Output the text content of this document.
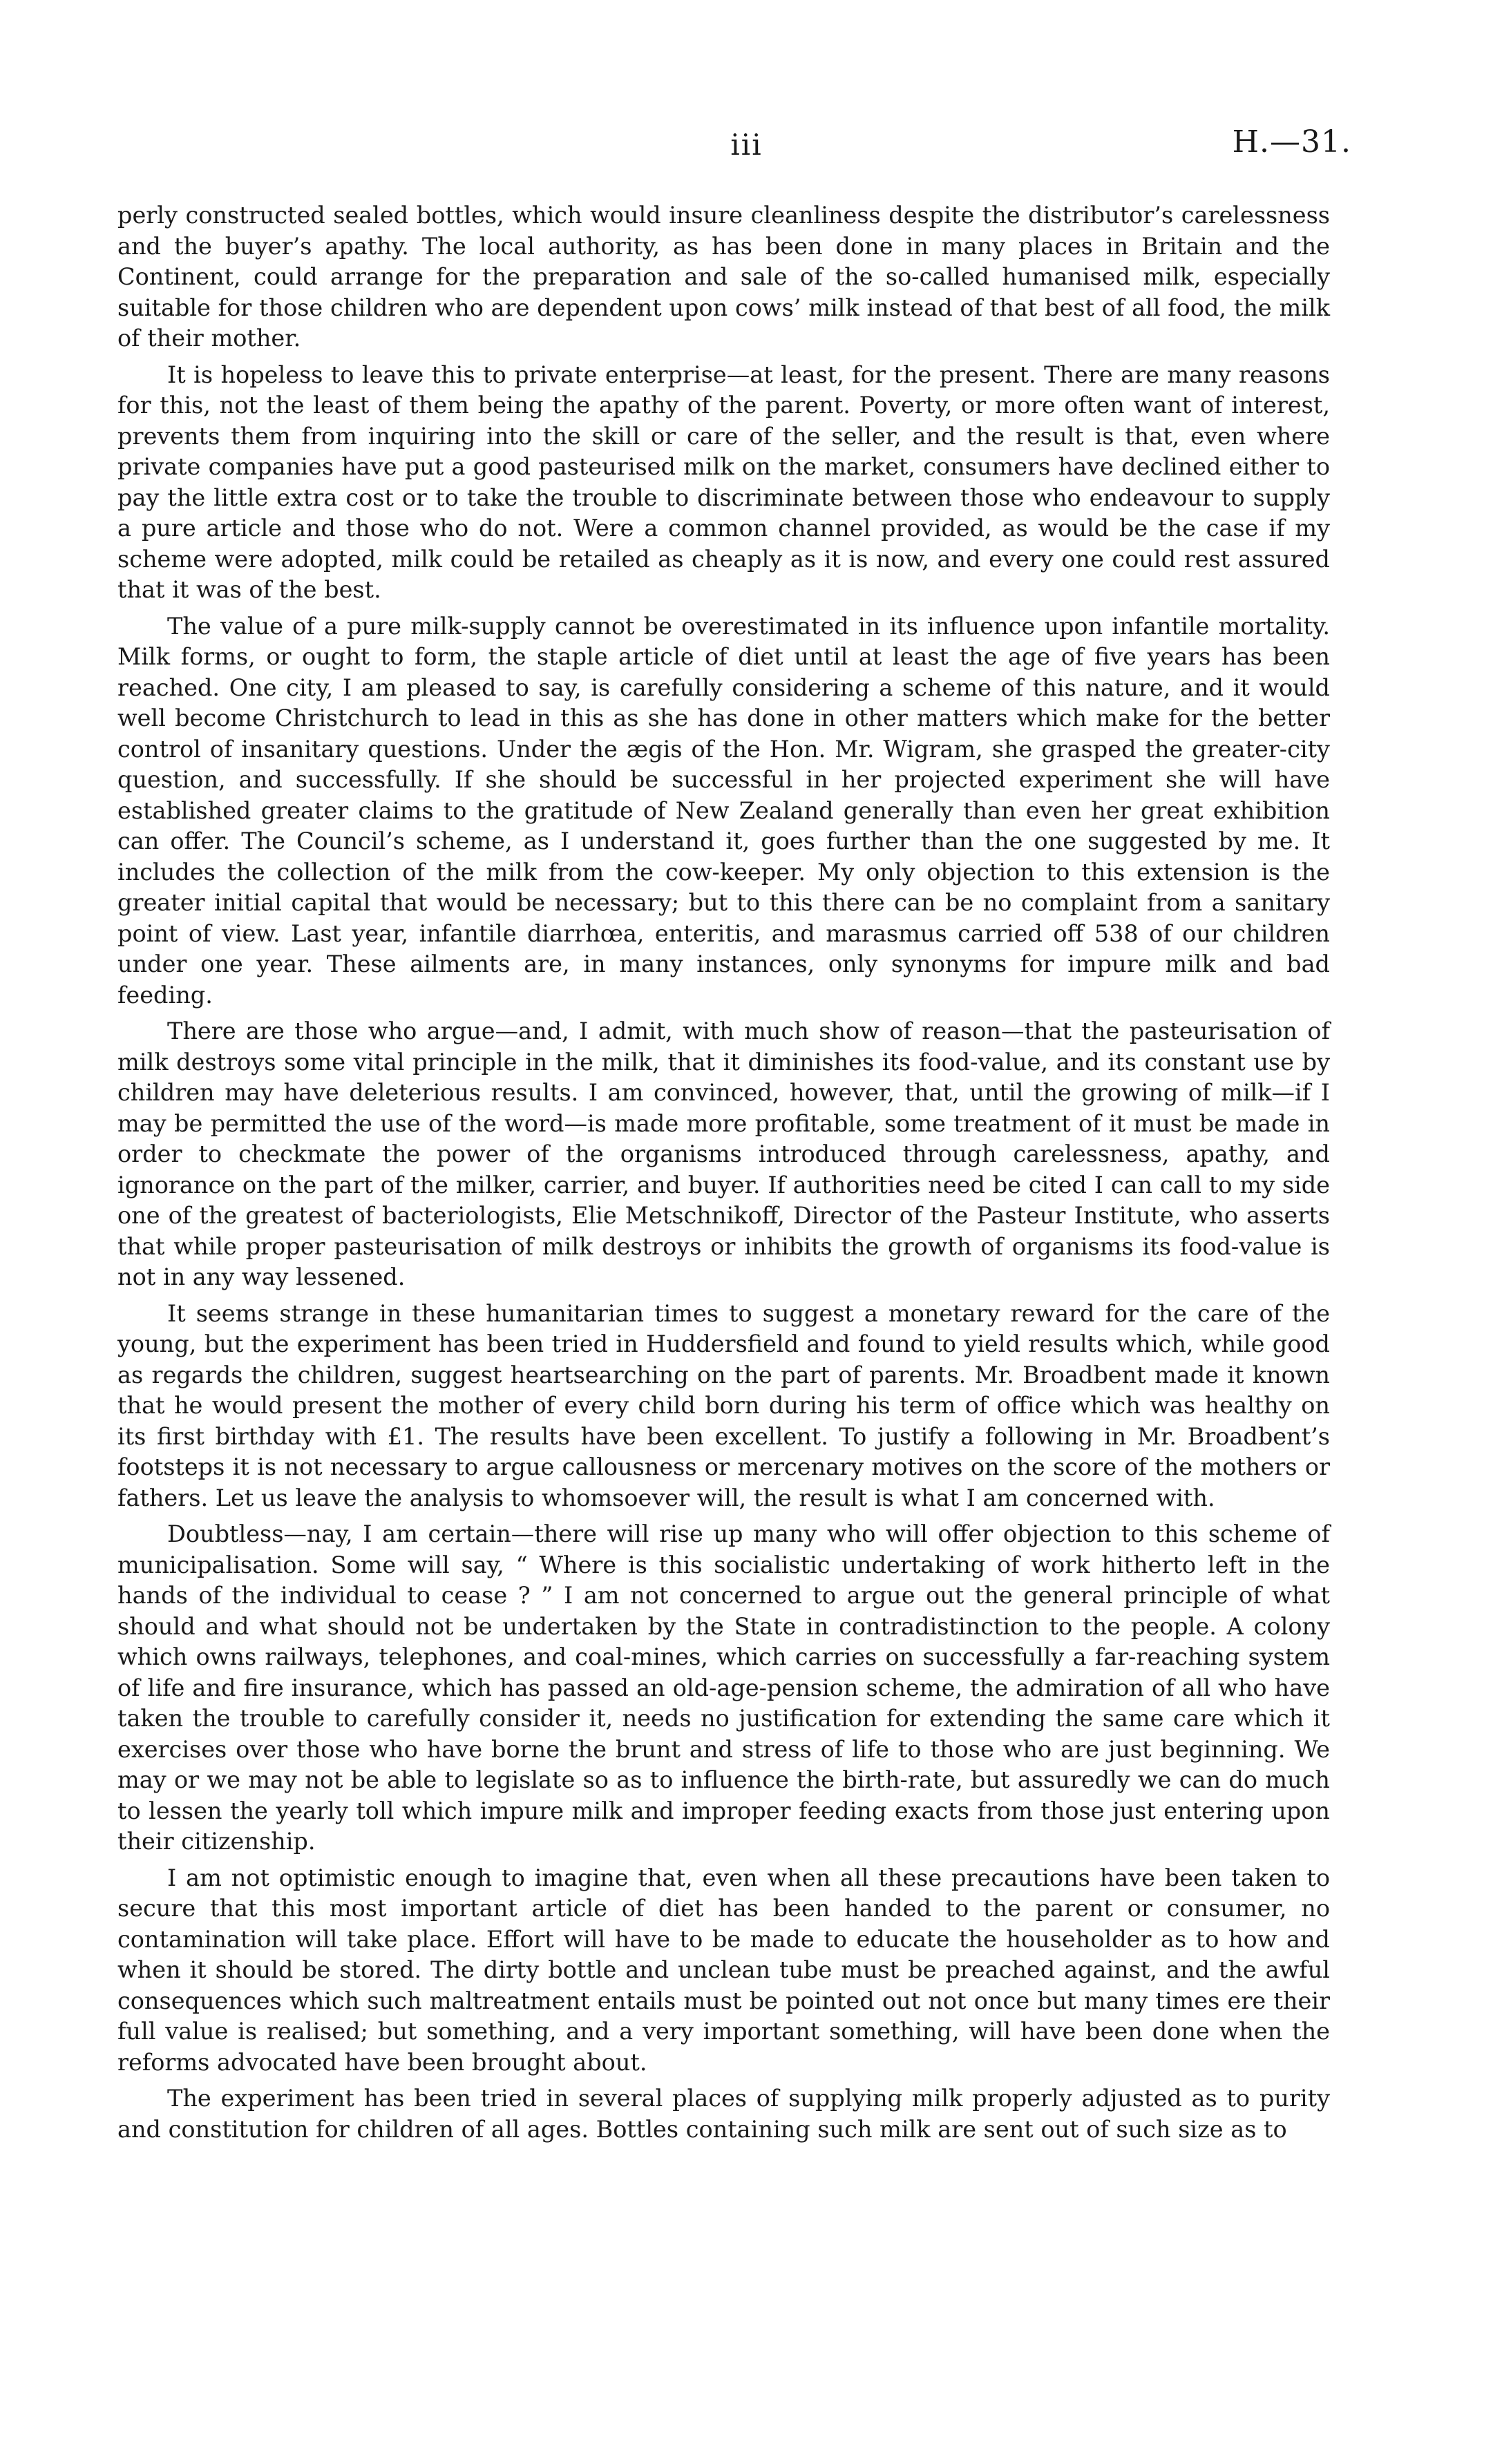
iii	H.—31.

perly constructed sealed bottles, which would insure cleanliness despite the distributor’s carelessness and the buyer’s apathy. The local authority, as has been done in many places in Britain and the Continent, could arrange for the preparation and sale of the so-called humanised milk, especially suitable for those children who are dependent upon cows’ milk instead of that best of all food, the milk of their mother.

It is hopeless to leave this to private enterprise—at least, for the present. There are many reasons for this, not the least of them being the apathy of the parent. Poverty, or more often want of interest, prevents them from inquiring into the skill or care of the seller, and the result is that, even where private companies have put a good pasteurised milk on the market, consumers have declined either to pay the little extra cost or to take the trouble to discriminate between those who endeavour to supply a pure article and those who do not. Were a common channel provided, as would be the case if my scheme were adopted, milk could be retailed as cheaply as it is now, and every one could rest assured that it was of the best.

The value of a pure milk-supply cannot be overestimated in its influence upon infantile mortality. Milk forms, or ought to form, the staple article of diet until at least the age of five years has been reached. One city, I am pleased to say, is carefully considering a scheme of this nature, and it would well become Christchurch to lead in this as she has done in other matters which make for the better control of insanitary questions. Under the ægis of the Hon. Mr. Wigram, she grasped the greater-city question, and successfully. If she should be successful in her projected experiment she will have established greater claims to the gratitude of New Zealand generally than even her great exhibition can offer. The Council’s scheme, as I understand it, goes further than the one suggested by me. It includes the collection of the milk from the cow-keeper. My only objection to this extension is the greater initial capital that would be necessary; but to this there can be no complaint from a sanitary point of view. Last year, infantile diarrhœa, enteritis, and marasmus carried off 538 of our children under one year. These ailments are, in many instances, only synonyms for impure milk and bad feeding.

There are those who argue—and, I admit, with much show of reason—that the pasteurisation of milk destroys some vital principle in the milk, that it diminishes its food-value, and its constant use by children may have deleterious results. I am convinced, however, that, until the growing of milk—if I may be permitted the use of the word—is made more profitable, some treatment of it must be made in order to checkmate the power of the organisms introduced through carelessness, apathy, and ignorance on the part of the milker, carrier, and buyer. If authorities need be cited I can call to my side one of the greatest of bacteriologists, Elie Metschnikoff, Director of the Pasteur Institute, who asserts that while proper pasteurisation of milk destroys or inhibits the growth of organisms its food-value is not in any way lessened.

It seems strange in these humanitarian times to suggest a monetary reward for the care of the young, but the experiment has been tried in Huddersfield and found to yield results which, while good as regards the children, suggest heartsearching on the part of parents. Mr. Broadbent made it known that he would present the mother of every child born during his term of office which was healthy on its first birthday with £1. The results have been excellent. To justify a following in Mr. Broadbent’s footsteps it is not necessary to argue callousness or mercenary motives on the score of the mothers or fathers. Let us leave the analysis to whomsoever will, the result is what I am concerned with.

Doubtless—nay, I am certain—there will rise up many who will offer objection to this scheme of municipalisation. Some will say, “ Where is this socialistic undertaking of work hitherto left in the hands of the individual to cease ? ” I am not concerned to argue out the general principle of what should and what should not be undertaken by the State in contradistinction to the people. A colony which owns railways, telephones, and coal-mines, which carries on successfully a far-reaching system of life and fire insurance, which has passed an old-age-pension scheme, the admiration of all who have taken the trouble to carefully consider it, needs no justification for extending the same care which it exercises over those who have borne the brunt and stress of life to those who are just beginning. We may or we may not be able to legislate so as to influence the birth-rate, but assuredly we can do much to lessen the yearly toll which impure milk and improper feeding exacts from those just entering upon their citizenship.

I am not optimistic enough to imagine that, even when all these precautions have been taken to secure that this most important article of diet has been handed to the parent or consumer, no contamination will take place. Effort will have to be made to educate the householder as to how and when it should be stored. The dirty bottle and unclean tube must be preached against, and the awful consequences which such maltreatment entails must be pointed out not once but many times ere their full value is realised; but something, and a very important something, will have been done when the reforms advocated have been brought about.

The experiment has been tried in several places of supplying milk properly adjusted as to purity and constitution for children of all ages. Bottles containing such milk are sent out of such size as to
